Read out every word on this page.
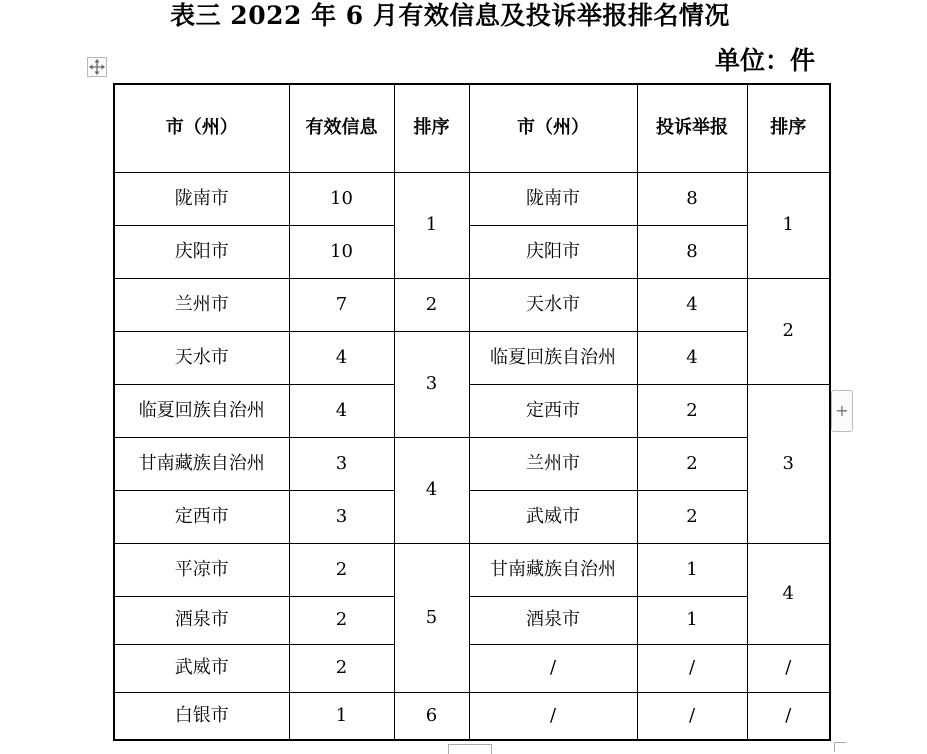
表三 2022 年 6 月有效信息及投诉举报排名情况
单位：件
+
市（州）	有效信息	排序	市（州）	投诉举报	排序
陇南市	10	1	陇南市	8	1
庆阳市	10		庆阳市	8	
兰州市	7	2	天水市	4	2
天水市	4	3	临夏回族自治州	4	
临夏回族自治州	4		定西市	2	3
甘南藏族自治州	3	4	兰州市	2	
定西市	3		武威市	2	
平凉市	2	5	甘南藏族自治州	1	4
酒泉市	2		酒泉市	1	
武威市	2		/	/	/
白银市	1	6	/	/	/
